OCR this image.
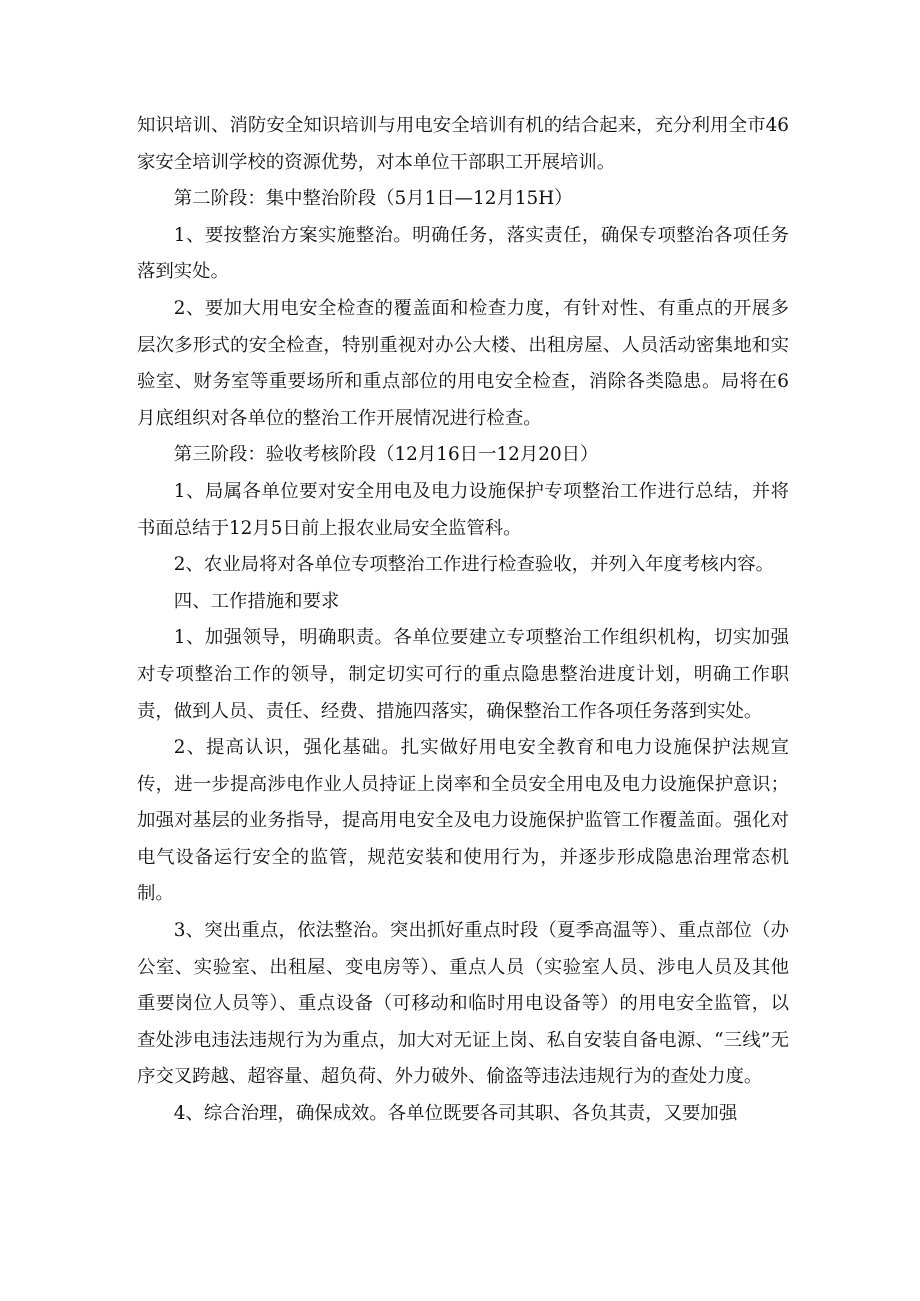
知识培训、消防安全知识培训与用电安全培训有机的结合起来，充分利用全市46家安全培训学校的资源优势，对本单位干部职工开展培训。

第二阶段：集中整治阶段（5月1日—12月15H）

1、要按整治方案实施整治。明确任务，落实责任，确保专项整治各项任务落到实处。

2、要加大用电安全检查的覆盖面和检查力度，有针对性、有重点的开展多层次多形式的安全检查，特别重视对办公大楼、出租房屋、人员活动密集地和实验室、财务室等重要场所和重点部位的用电安全检查，消除各类隐患。局将在6月底组织对各单位的整治工作开展情况进行检查。

第三阶段：验收考核阶段（12月16日一12月20日）

1、局属各单位要对安全用电及电力设施保护专项整治工作进行总结，并将书面总结于12月5日前上报农业局安全监管科。

2、农业局将对各单位专项整治工作进行检查验收，并列入年度考核内容。

四、工作措施和要求

1、加强领导，明确职责。各单位要建立专项整治工作组织机构，切实加强对专项整治工作的领导，制定切实可行的重点隐患整治进度计划，明确工作职责，做到人员、责任、经费、措施四落实，确保整治工作各项任务落到实处。

2、提高认识，强化基础。扎实做好用电安全教育和电力设施保护法规宣传，进一步提高涉电作业人员持证上岗率和全员安全用电及电力设施保护意识；加强对基层的业务指导，提高用电安全及电力设施保护监管工作覆盖面。强化对电气设备运行安全的监管，规范安装和使用行为，并逐步形成隐患治理常态机制。

3、突出重点，依法整治。突出抓好重点时段（夏季高温等）、重点部位（办公室、实验室、出租屋、变电房等）、重点人员（实验室人员、涉电人员及其他重要岗位人员等）、重点设备（可移动和临时用电设备等）的用电安全监管，以查处涉电违法违规行为为重点，加大对无证上岗、私自安装自备电源、“三线”无序交叉跨越、超容量、超负荷、外力破外、偷盗等违法违规行为的查处力度。

4、综合治理，确保成效。各单位既要各司其职、各负其责，又要加强
